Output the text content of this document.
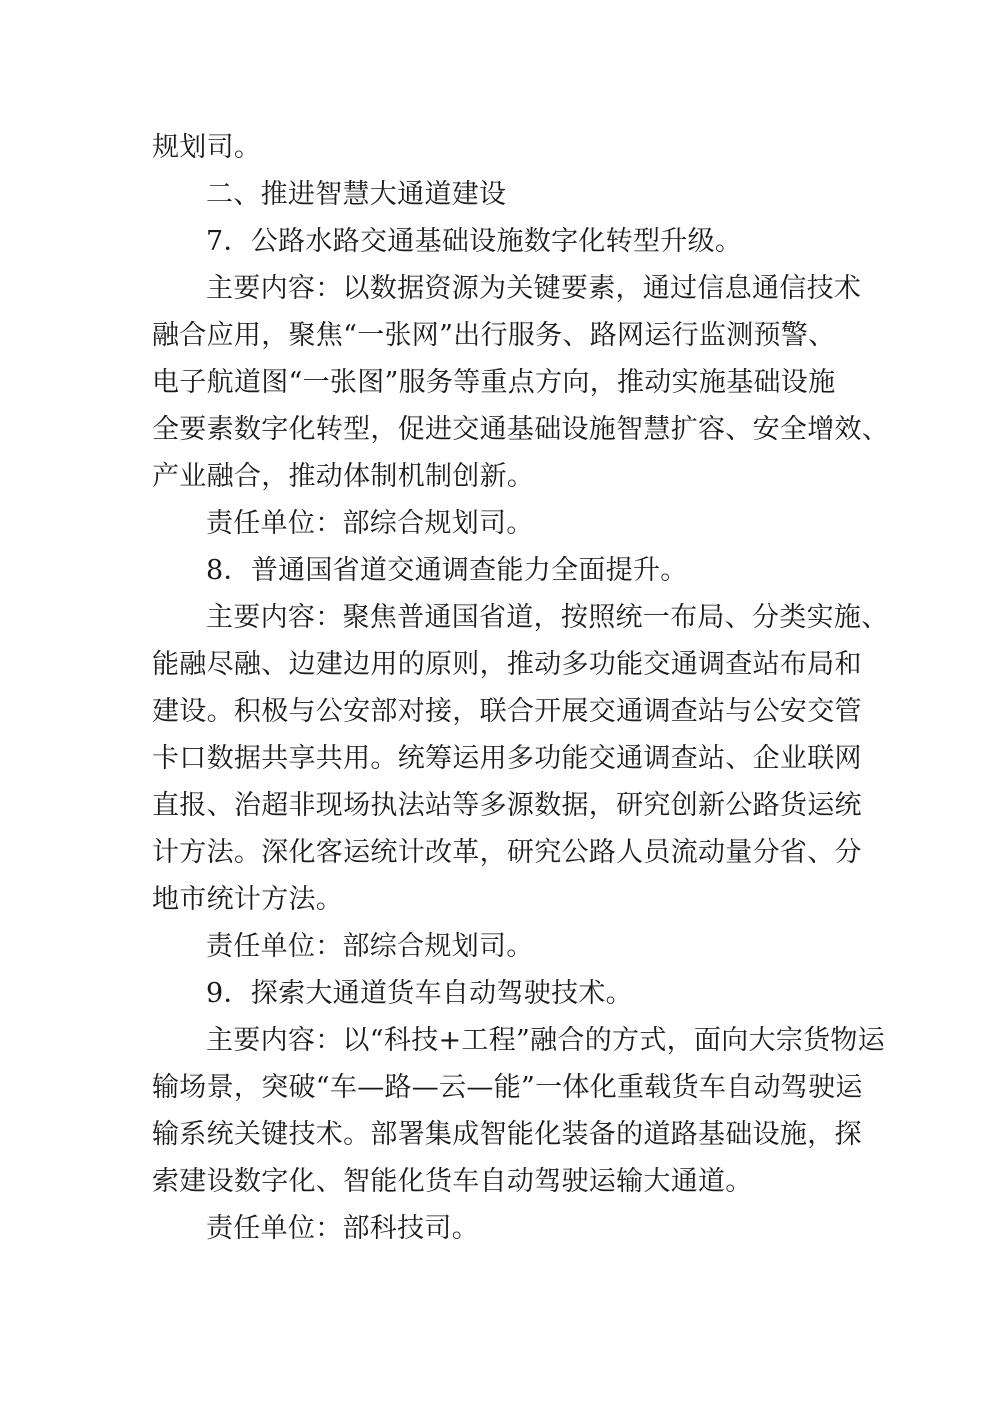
规划司。
二、推进智慧大通道建设
7．公路水路交通基础设施数字化转型升级。
主要内容：以数据资源为关键要素，通过信息通信技术
融合应用，聚焦“一张网”出行服务、路网运行监测预警、
电子航道图“一张图”服务等重点方向，推动实施基础设施
全要素数字化转型，促进交通基础设施智慧扩容、安全增效、
产业融合，推动体制机制创新。
责任单位：部综合规划司。
8．普通国省道交通调查能力全面提升。
主要内容：聚焦普通国省道，按照统一布局、分类实施、
能融尽融、边建边用的原则，推动多功能交通调查站布局和
建设。积极与公安部对接，联合开展交通调查站与公安交管
卡口数据共享共用。统筹运用多功能交通调查站、企业联网
直报、治超非现场执法站等多源数据，研究创新公路货运统
计方法。深化客运统计改革，研究公路人员流动量分省、分
地市统计方法。
责任单位：部综合规划司。
9．探索大通道货车自动驾驶技术。
主要内容：以“科技+工程”融合的方式，面向大宗货物运
输场景，突破“车—路—云—能”一体化重载货车自动驾驶运
输系统关键技术。部署集成智能化装备的道路基础设施，探
索建设数字化、智能化货车自动驾驶运输大通道。
责任单位：部科技司。
